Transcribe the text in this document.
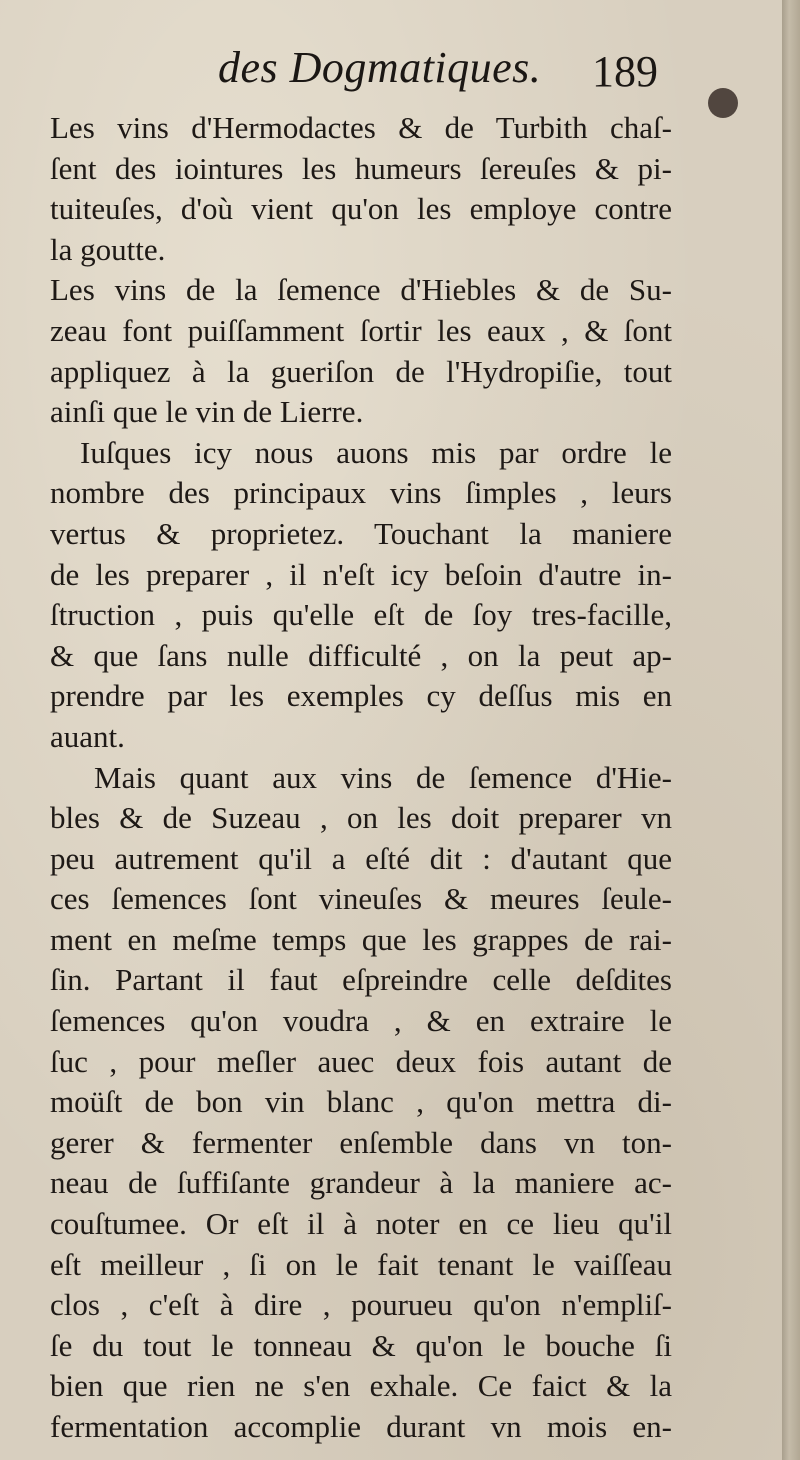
des Dogmatiques. 189

Les vins d'Hermodactes & de Turbith chaſ-
ſent des iointures les humeurs ſereuſes & pi-
tuiteuſes, d'où vient qu'on les employe contre
la goutte.

Les vins de la ſemence d'Hiebles & de Su-
zeau font puiſſamment ſortir les eaux , & ſont
appliquez à la gueriſon de l'Hydropiſie, tout
ainſi que le vin de Lierre.

Iuſques icy nous auons mis par ordre le
nombre des principaux vins ſimples , leurs
vertus & proprietez. Touchant la maniere
de les preparer , il n'eſt icy beſoin d'autre in-
ſtruction , puis qu'elle eſt de ſoy tres-facille,
& que ſans nulle difficulté , on la peut ap-
prendre par les exemples cy deſſus mis en
auant.

Mais quant aux vins de ſemence d'Hie-
bles & de Suzeau , on les doit preparer vn
peu autrement qu'il a eſté dit : d'autant que
ces ſemences ſont vineuſes & meures ſeule-
ment en meſme temps que les grappes de rai-
ſin. Partant il faut eſpreindre celle deſdites
ſemences qu'on voudra , & en extraire le
ſuc , pour meſler auec deux fois autant de
moüſt de bon vin blanc , qu'on mettra di-
gerer & fermenter enſemble dans vn ton-
neau de ſuffiſante grandeur à la maniere ac-
couſtumee. Or eſt il à noter en ce lieu qu'il
eſt meilleur , ſi on le fait tenant le vaiſſeau
clos , c'eſt à dire , pourueu qu'on n'empliſ-
ſe du tout le tonneau & qu'on le bouche ſi
bien que rien ne s'en exhale. Ce faict & la
fermentation accomplie durant vn mois en-
